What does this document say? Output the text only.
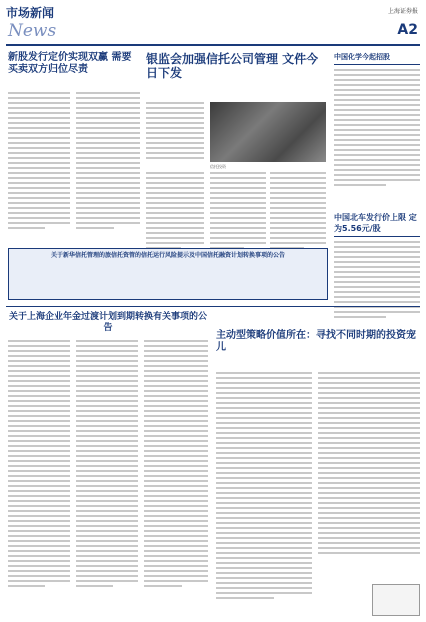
市场新闻
News
上海证券报
A2
新股发行定价实现双赢 需要买卖双方归位尽责
银监会加强信托公司管理 文件今日下发
信托投资
中国化学今起招股
中国北车发行价上限 定为5.56元/股
关于新华信托管理的旅信托资管的信托运行风险提示及中国信托融资计划转换事项的公告
关于上海企业年金过渡计划到期转换有关事项的公告
主动型策略价值所在：寻找不同时期的投资宠儿
